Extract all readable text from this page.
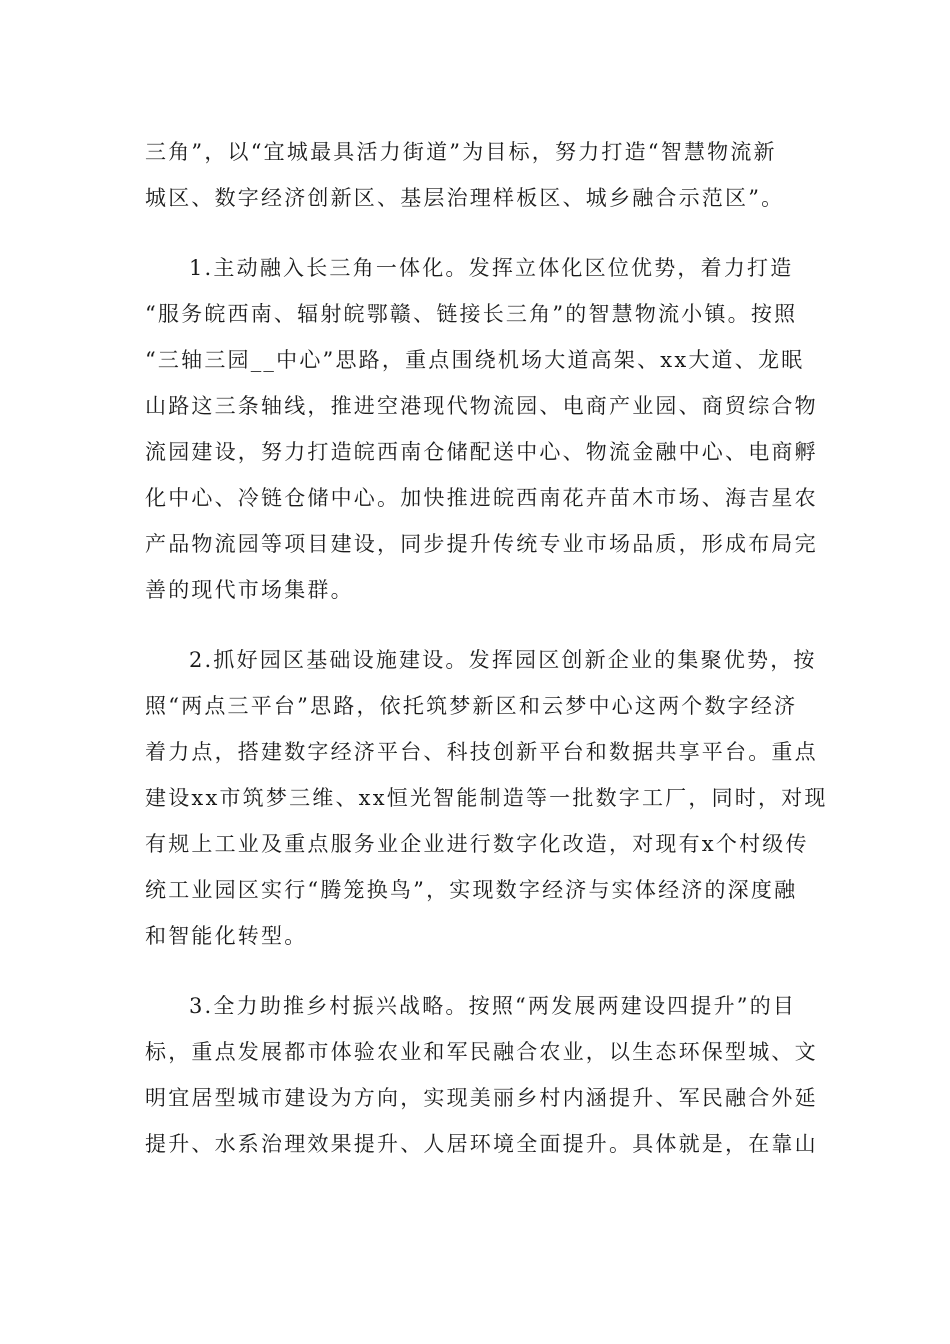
三角”，以“宜城最具活力街道”为目标，努力打造“智慧物流新
城区、数字经济创新区、基层治理样板区、城乡融合示范区”。
1.主动融入长三角一体化。发挥立体化区位优势，着力打造
“服务皖西南、辐射皖鄂赣、链接长三角”的智慧物流小镇。按照
“三轴三园__中心”思路，重点围绕机场大道高架、xx大道、龙眠
山路这三条轴线，推进空港现代物流园、电商产业园、商贸综合物
流园建设，努力打造皖西南仓储配送中心、物流金融中心、电商孵
化中心、冷链仓储中心。加快推进皖西南花卉苗木市场、海吉星农
产品物流园等项目建设，同步提升传统专业市场品质，形成布局完
善的现代市场集群。
2.抓好园区基础设施建设。发挥园区创新企业的集聚优势，按
照“两点三平台”思路，依托筑梦新区和云梦中心这两个数字经济
着力点，搭建数字经济平台、科技创新平台和数据共享平台。重点
建设xx市筑梦三维、xx恒光智能制造等一批数字工厂，同时，对现
有规上工业及重点服务业企业进行数字化改造，对现有x个村级传
统工业园区实行“腾笼换鸟”，实现数字经济与实体经济的深度融
和智能化转型。
3.全力助推乡村振兴战略。按照“两发展两建设四提升”的目
标，重点发展都市体验农业和军民融合农业，以生态环保型城、文
明宜居型城市建设为方向，实现美丽乡村内涵提升、军民融合外延
提升、水系治理效果提升、人居环境全面提升。具体就是，在靠山
